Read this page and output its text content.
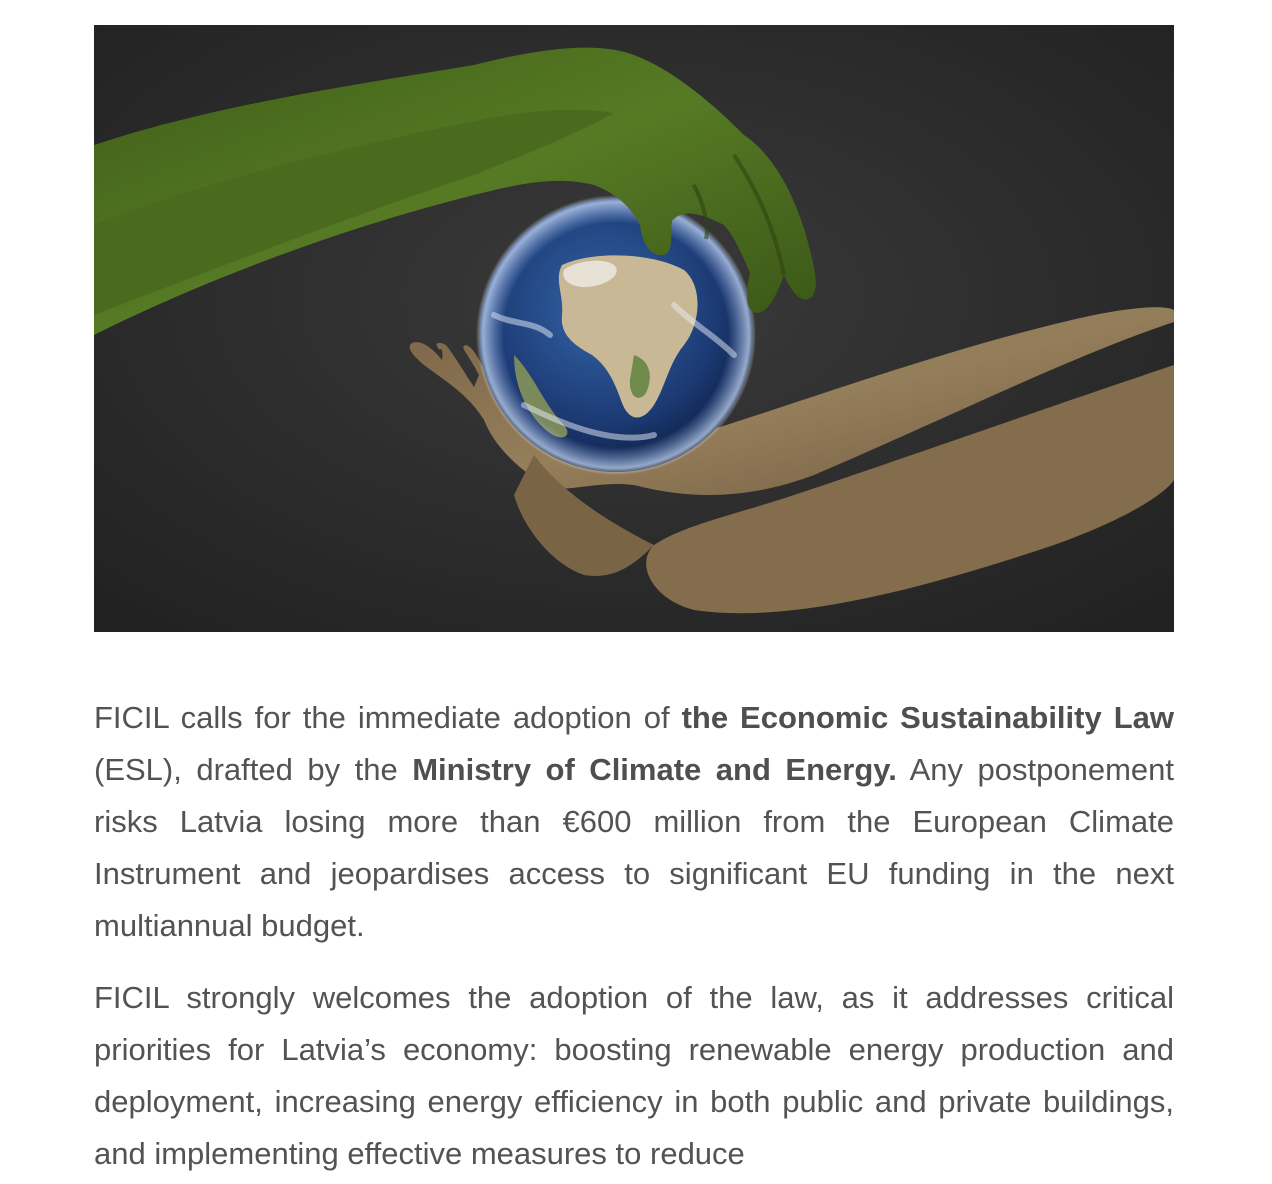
FICIL calls for the immediate adoption of the Economic Sustainability Law (ESL), drafted by the Ministry of Climate and Energy. Any postponement risks Latvia losing more than €600 million from the European Climate Instrument and jeopardises access to significant EU funding in the next multiannual budget.

FICIL strongly welcomes the adoption of the law, as it addresses critical priorities for Latvia’s economy: boosting renewable energy production and deployment, increasing energy efficiency in both public and private buildings, and implementing effective measures to reduce
